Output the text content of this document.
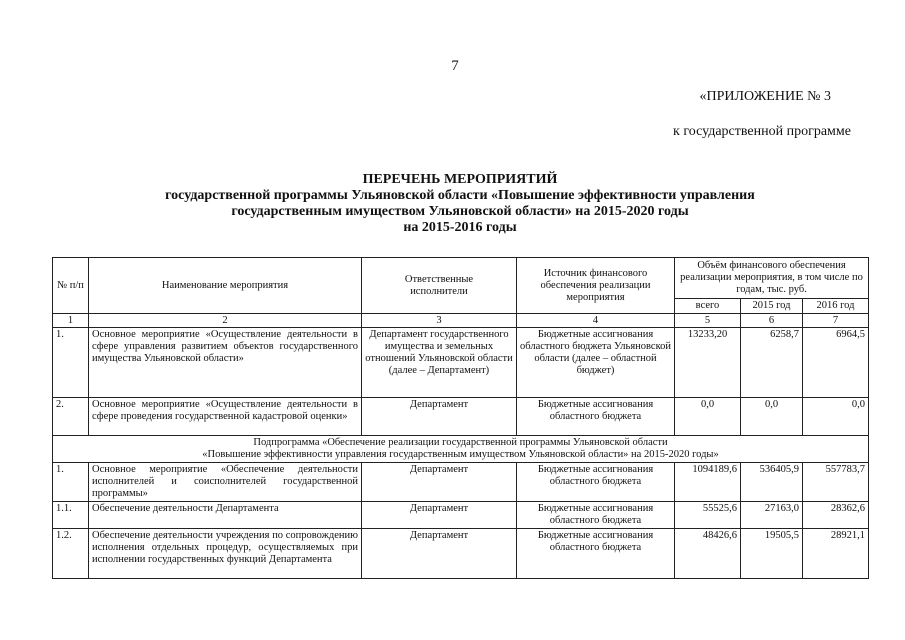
7
«ПРИЛОЖЕНИЕ № 3
к государственной программе
ПЕРЕЧЕНЬ МЕРОПРИЯТИЙ
государственной программы Ульяновской области «Повышение эффективности управления
государственным имуществом Ульяновской области» на 2015-2020 годы
на 2015-2016 годы
№ п/п	Наименование мероприятия	Ответственные исполнители	Источник финансового обеспечения реализации мероприятия	Объём финансового обеспечения реализации мероприятия, в том числе по годам, тыс. руб.		
				всего	2015 год	2016 год
1	2	3	4	5	6	7
1.	Основное мероприятие «Осуществление деятельности в сфере управления развитием объектов государственного имущества Ульяновской области»	Департамент государственного имущества и земельных отношений Ульяновской области (далее – Департамент)	Бюджетные ассигнования областного бюджета Ульяновской области (далее – областной бюджет)	13233,20	6258,7	6964,5
2.	Основное мероприятие «Осуществление деятельности в сфере проведения государственной кадастровой оценки»	Департамент	Бюджетные ассигнования областного бюджета	0,0	0,0	0,0

Подпрограмма «Обеспечение реализации государственной программы Ульяновской области
«Повышение эффективности управления государственным имуществом Ульяновской области» на 2015-2020 годы»						

1.	Основное мероприятие «Обеспечение деятельности исполнителей и соисполнителей государственной программы»	Департамент	Бюджетные ассигнования областного бюджета	1094189,6	536405,9	557783,7
1.1.	Обеспечение деятельности Департамента	Департамент	Бюджетные ассигнования областного бюджета	55525,6	27163,0	28362,6
1.2.	Обеспечение деятельности учреждения по сопровождению исполнения отдельных процедур, осуществляемых при исполнении государственных функций Департамента	Департамент	Бюджетные ассигнования областного бюджета	48426,6	19505,5	28921,1
